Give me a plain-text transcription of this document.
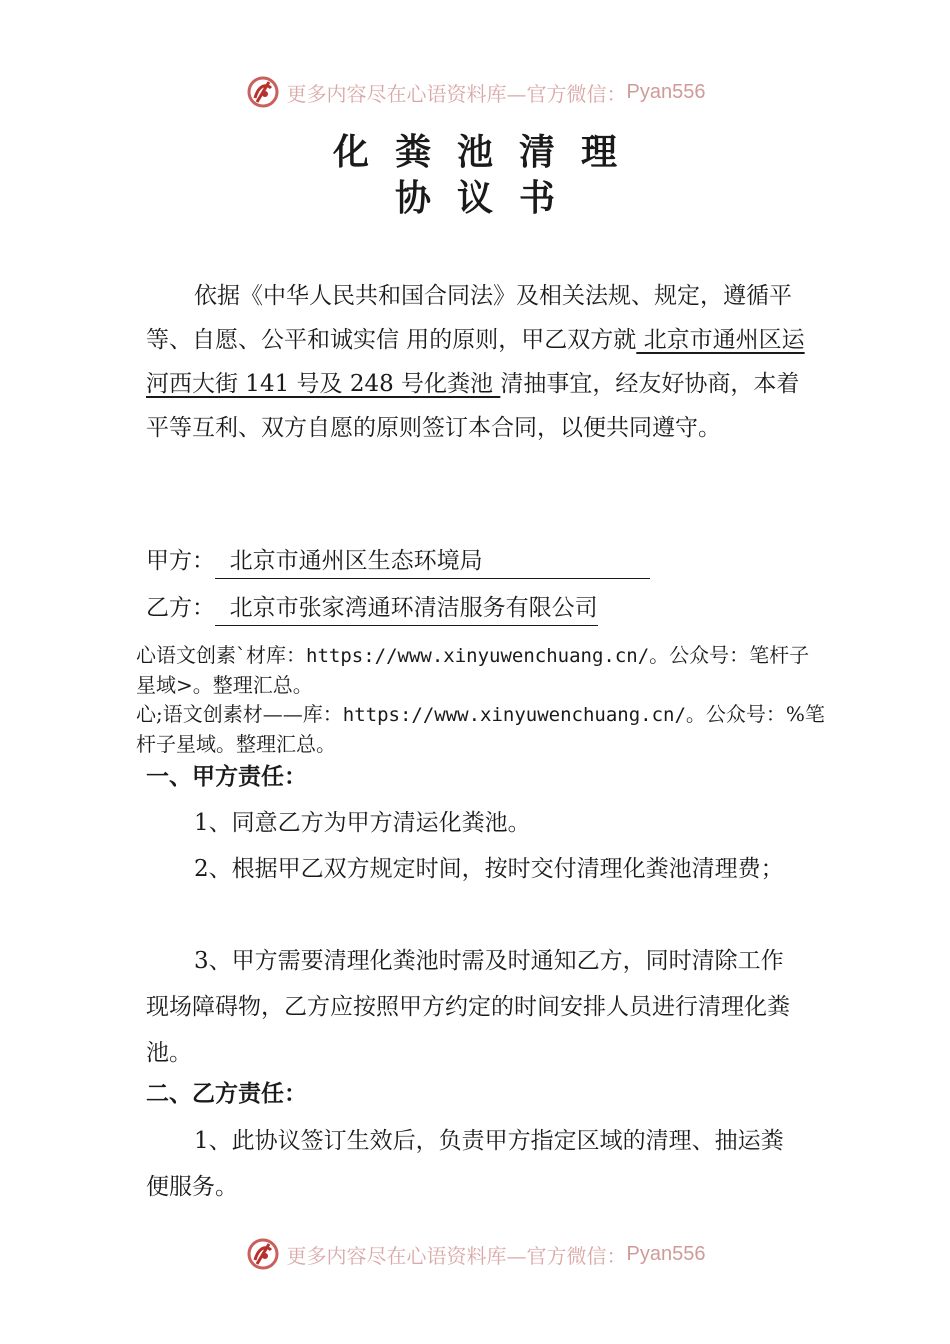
更多内容尽在心语资料库—官方微信： Pyan556
化粪池清理
协议书
依据《中华人民共和国合同法》及相关法规、规定，遵循平等、自愿、公平和诚实信 用的原则，甲乙双方就 北京市通州区运河西大街 141 号及 248 号化粪池 清抽事宜，经友好协商，本着平等互利、双方自愿的原则签订本合同，以便共同遵守。
甲方：  北京市通州区生态环境局
乙方：  北京市张家湾通环清洁服务有限公司
心语文创素`材库：https://www.xinyuwenchuang.cn/。公众号：笔杆子星域>。整理汇总。
心;语文创素材——库：https://www.xinyuwenchuang.cn/。公众号：%笔杆子星域。整理汇总。
一、甲方责任：
1、同意乙方为甲方清运化粪池。
2、根据甲乙双方规定时间，按时交付清理化粪池清理费；
3、甲方需要清理化粪池时需及时通知乙方，同时清除工作现场障碍物，乙方应按照甲方约定的时间安排人员进行清理化粪池。
二、乙方责任：
1、此协议签订生效后，负责甲方指定区域的清理、抽运粪便服务。
更多内容尽在心语资料库—官方微信： Pyan556
